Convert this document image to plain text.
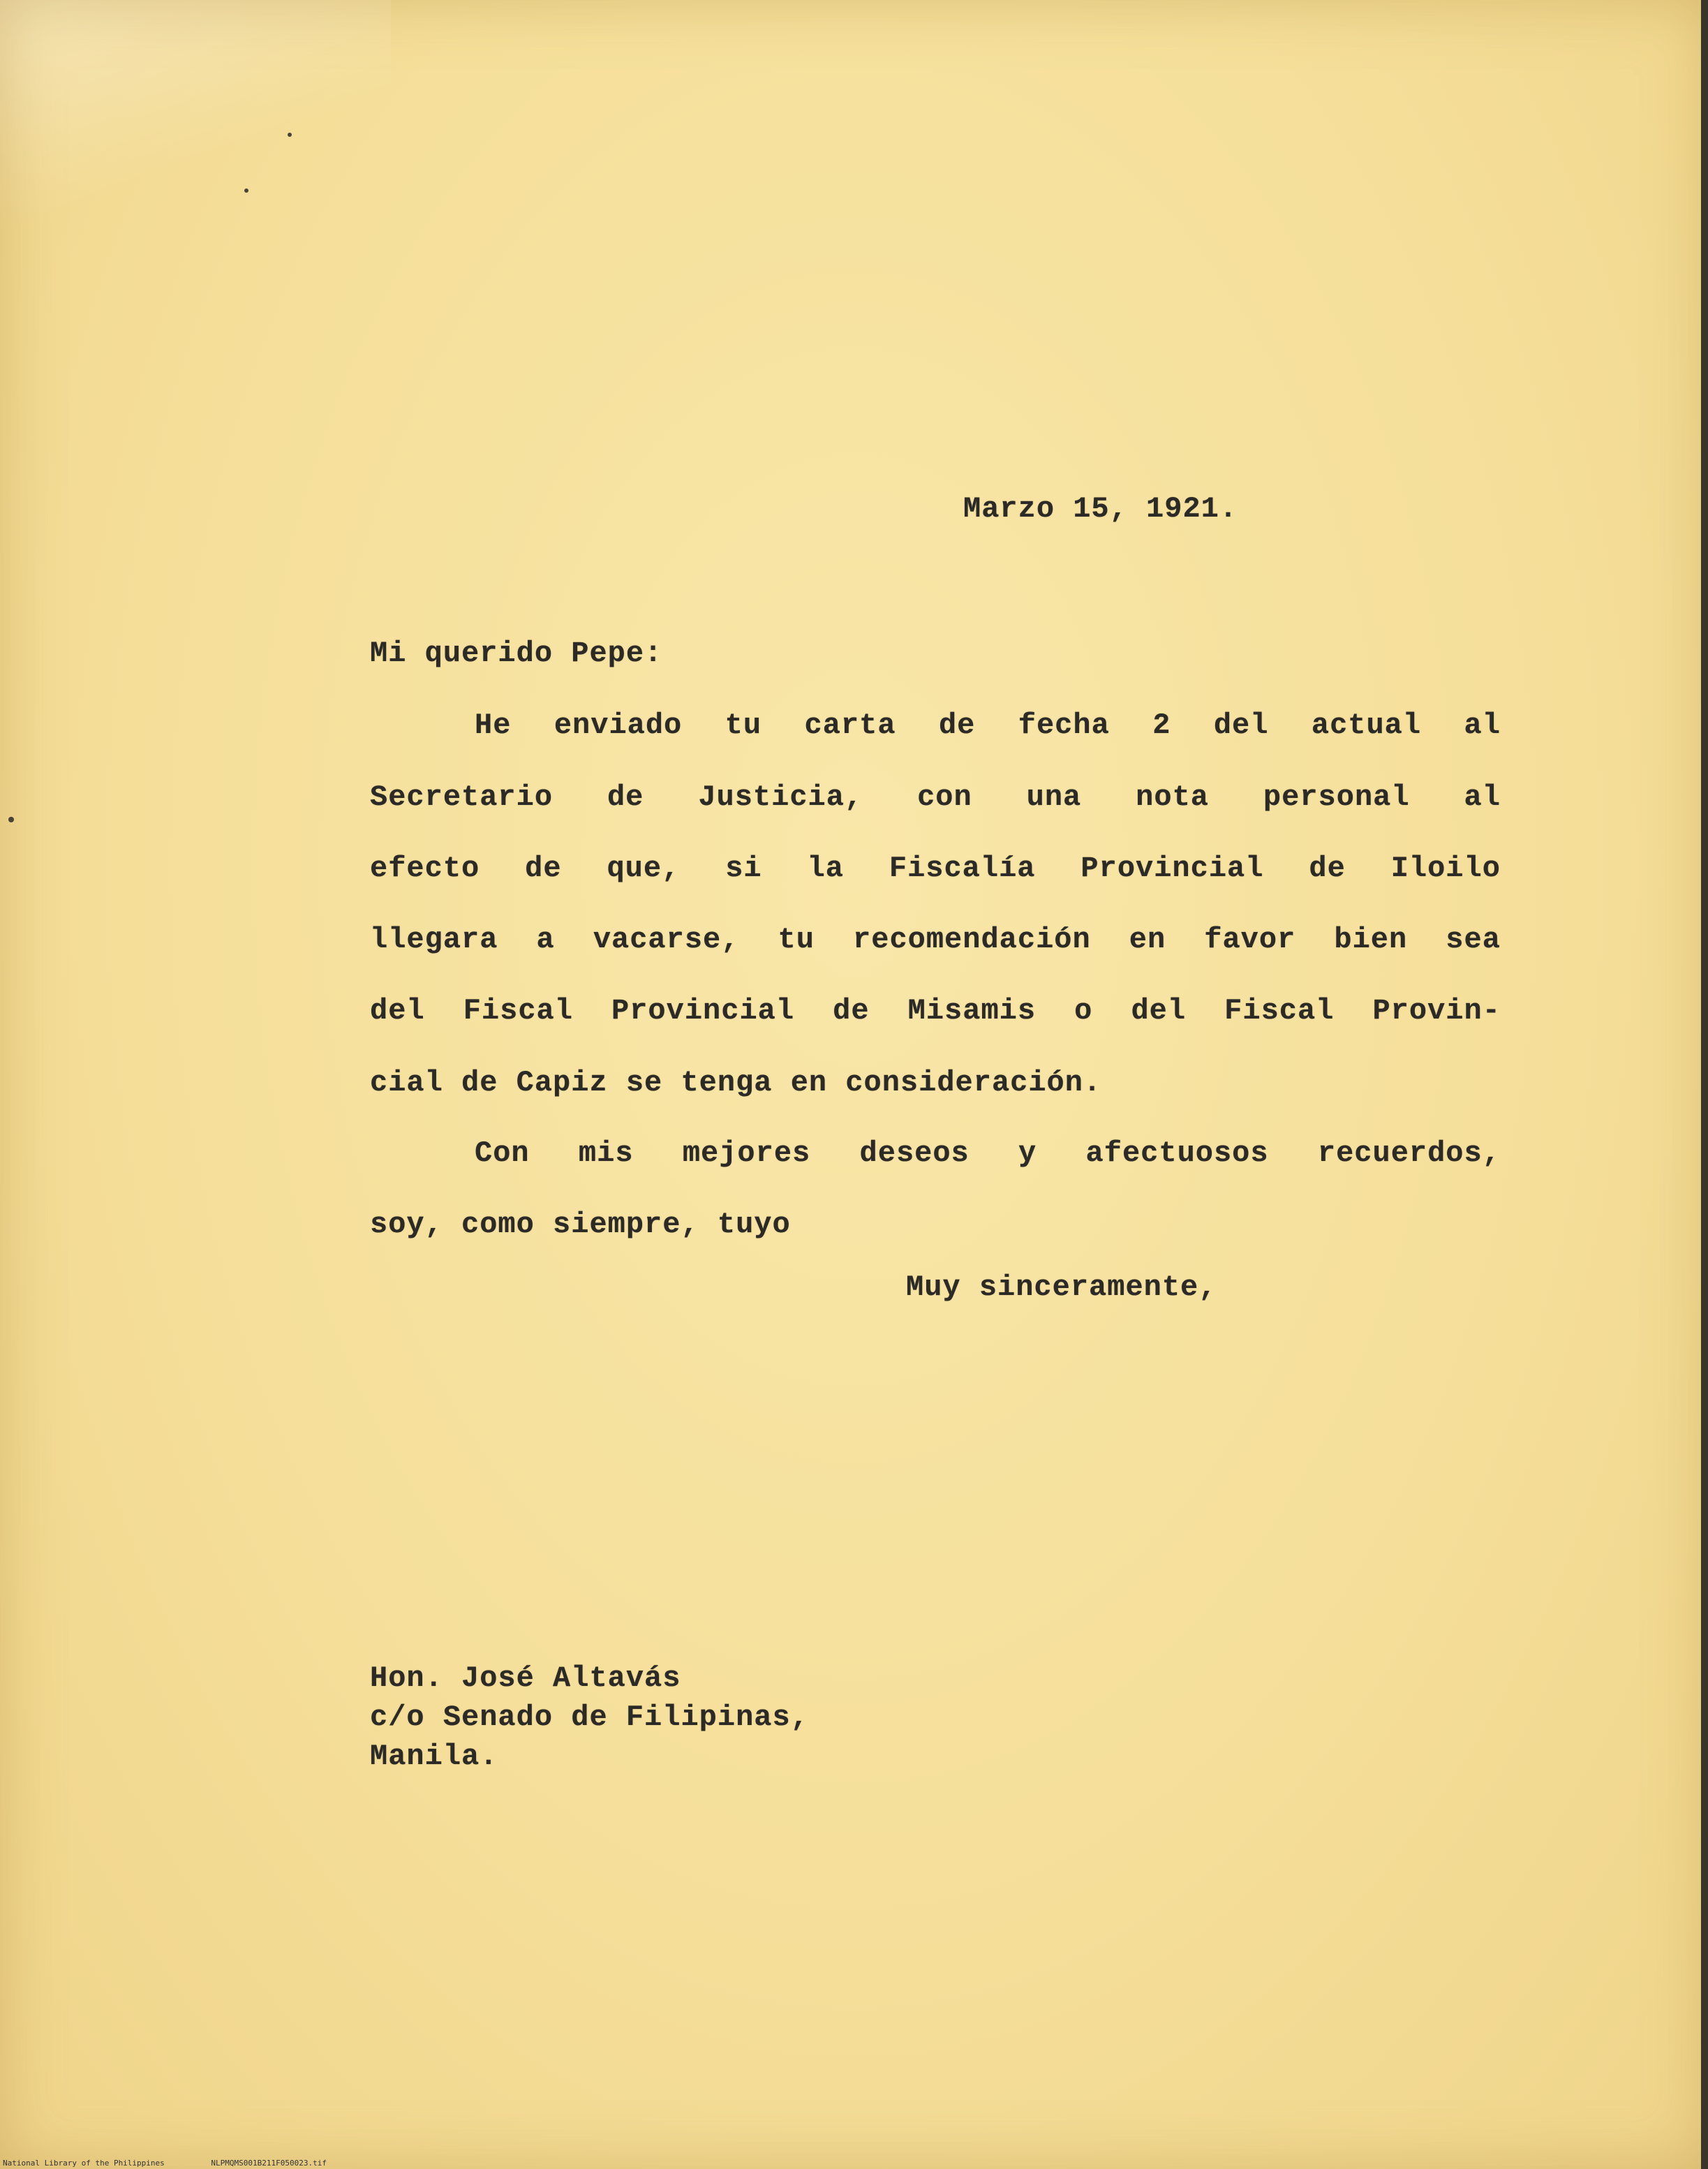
Marzo 15, 1921.
Mi querido Pepe:
He enviado tu carta de fecha 2 del actual al
Secretario de Justicia, con una nota personal al
efecto de que, si la Fiscalía Provincial de Iloilo
llegara a vacarse, tu recomendación en favor bien sea
del Fiscal Provincial de Misamis o del Fiscal Provin-
cial de Capiz se tenga en consideración.
Con mis mejores deseos y afectuosos recuerdos,
soy, como siempre, tuyo
Muy sinceramente,
Hon. José Altavás
c/o Senado de Filipinas,
Manila.
National Library of the Philippines	NLPMQMS001B211F050023.tif
